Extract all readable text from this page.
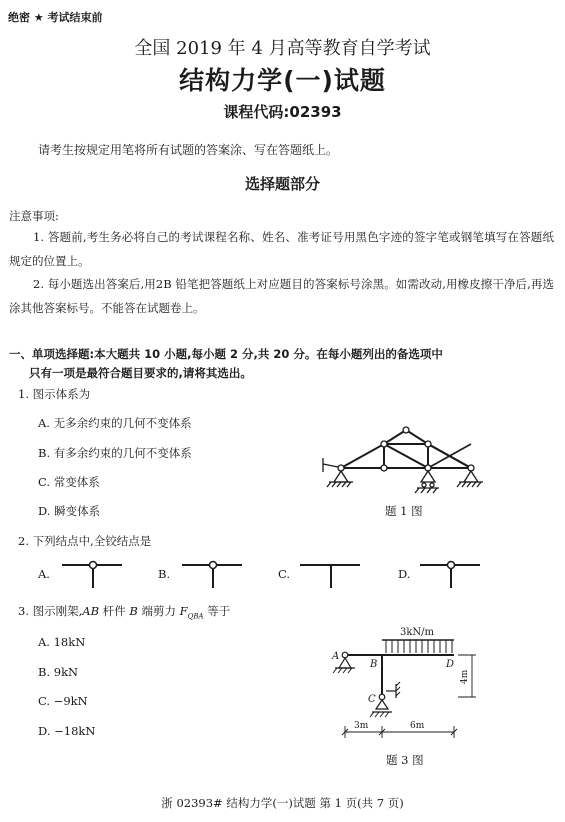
绝密 ★ 考试结束前
全国 2019 年 4 月高等教育自学考试
结构力学(一)试题
课程代码:02393
请考生按规定用笔将所有试题的答案涂、写在答题纸上。
选择题部分
注意事项:
1. 答题前,考生务必将自己的考试课程名称、姓名、准考证号用黑色字迹的签字笔或钢笔填写在答题纸规定的位置上。
2. 每小题选出答案后,用2B 铅笔把答题纸上对应题目的答案标号涂黑。如需改动,用橡皮擦干净后,再选涂其他答案标号。不能答在试题卷上。
一、单项选择题:本大题共 10 小题,每小题 2 分,共 20 分。在每小题列出的备选项中
只有一项是最符合题目要求的,请将其选出。
1. 图示体系为
A. 无多余约束的几何不变体系
B. 有多余约束的几何不变体系
C. 常变体系
D. 瞬变体系	题 1 图
2. 下列结点中,全铰结点是
A.	B.	C.	D.
3. 图示刚架,AB 杆件 B 端剪力 $F_{QBA}$ 等于
A. 18kN
B. 9kN
C. −9kN
D. −18kN
3kN/m
A
B	D
C
4m
3m	6m
题 3 图
浙 02393# 结构力学(一)试题 第 1 页(共 7 页)
